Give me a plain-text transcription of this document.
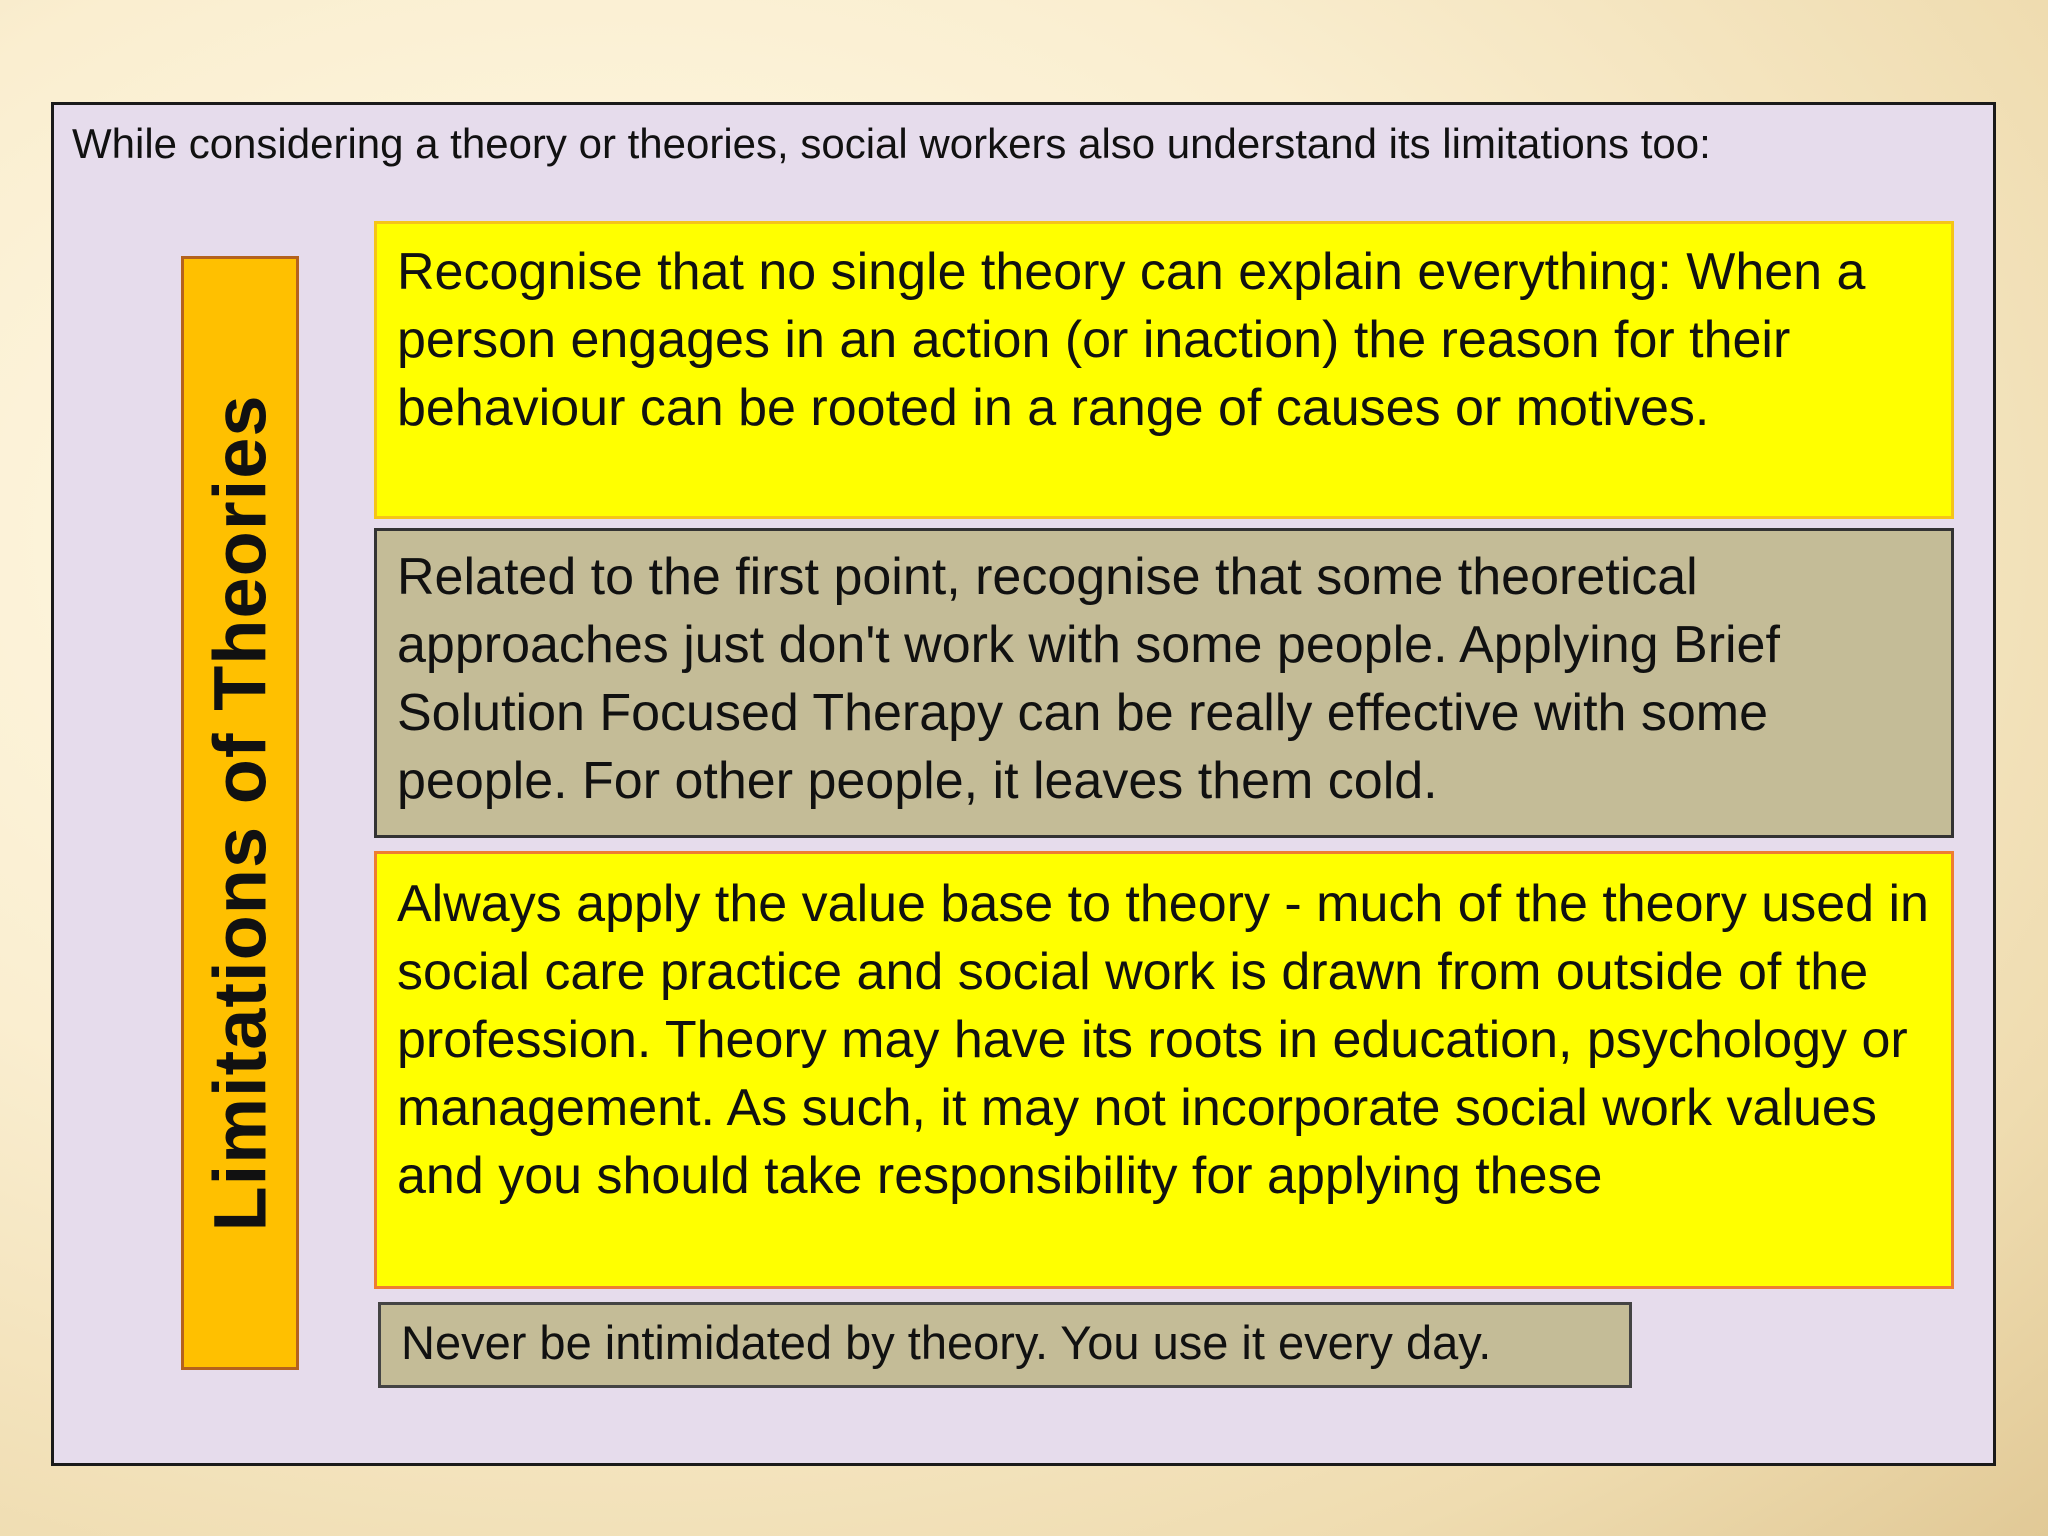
While considering a theory or theories, social workers also understand its limitations too:
Limitations of Theories
Recognise that no single theory can explain everything: When a person engages in an action (or inaction) the reason for their behaviour can be rooted in a range of causes or motives.
Related to the first point, recognise that some theoretical approaches just don't work with some people. Applying Brief Solution Focused Therapy can be really effective with some people. For other people, it leaves them cold.
Always apply the value base to theory - much of the theory used in social care practice and social work is drawn from outside of the profession. Theory may have its roots in education, psychology or management. As such, it may not incorporate social work values and you should take responsibility for applying these
Never be intimidated by theory. You use it every day.
